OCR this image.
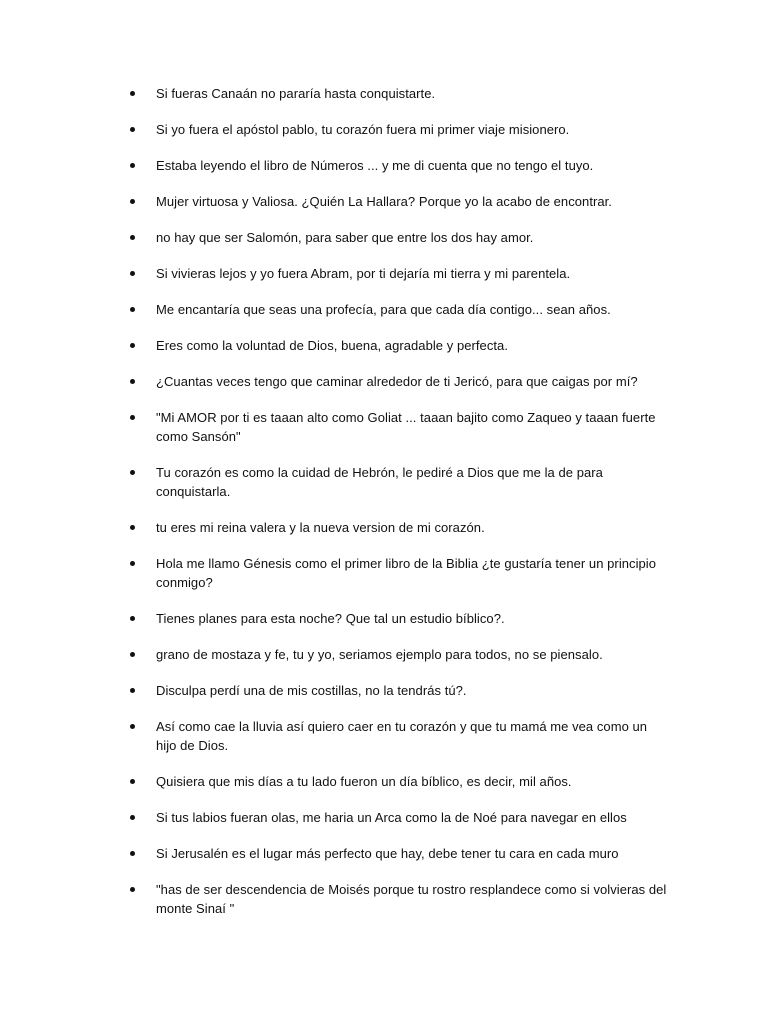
Si fueras Canaán no pararía hasta conquistarte.
Si yo fuera el apóstol pablo, tu corazón fuera mi primer viaje misionero.
Estaba leyendo el libro de Números ... y me di cuenta que no tengo el tuyo.
Mujer virtuosa y Valiosa. ¿Quién La Hallara? Porque yo la acabo de encontrar.
no hay que ser Salomón, para saber que entre los dos hay amor.
Si vivieras lejos y yo fuera Abram, por ti dejaría mi tierra y mi parentela.
Me encantaría que seas una profecía, para que cada día contigo... sean años.
Eres como la voluntad de Dios, buena, agradable y perfecta.
¿Cuantas veces tengo que caminar alrededor de ti Jericó, para que caigas por mí?
"Mi AMOR por ti es taaan alto como Goliat ... taaan bajito como Zaqueo y taaan fuerte como Sansón"
Tu corazón es como la cuidad de Hebrón, le pediré a Dios que me la de para conquistarla.
tu eres mi reina valera y la nueva version de mi corazón.
Hola me llamo Génesis como el primer libro de la Biblia ¿te gustaría tener un principio conmigo?
Tienes planes para esta noche? Que tal un estudio bíblico?.
grano de mostaza y fe, tu y yo, seriamos ejemplo para todos, no se piensalo.
Disculpa perdí una de mis costillas, no la tendrás tú?.
Así como cae la lluvia así quiero caer en tu corazón y que tu mamá me vea como un hijo de Dios.
Quisiera que mis días a tu lado fueron un día bíblico, es decir, mil años.
Si tus labios fueran olas, me haria un Arca como la de Noé para navegar en ellos
Si Jerusalén es el lugar más perfecto que hay, debe tener tu cara en cada muro
"has de ser descendencia de Moisés porque tu rostro resplandece como si volvieras del monte Sinaí "
